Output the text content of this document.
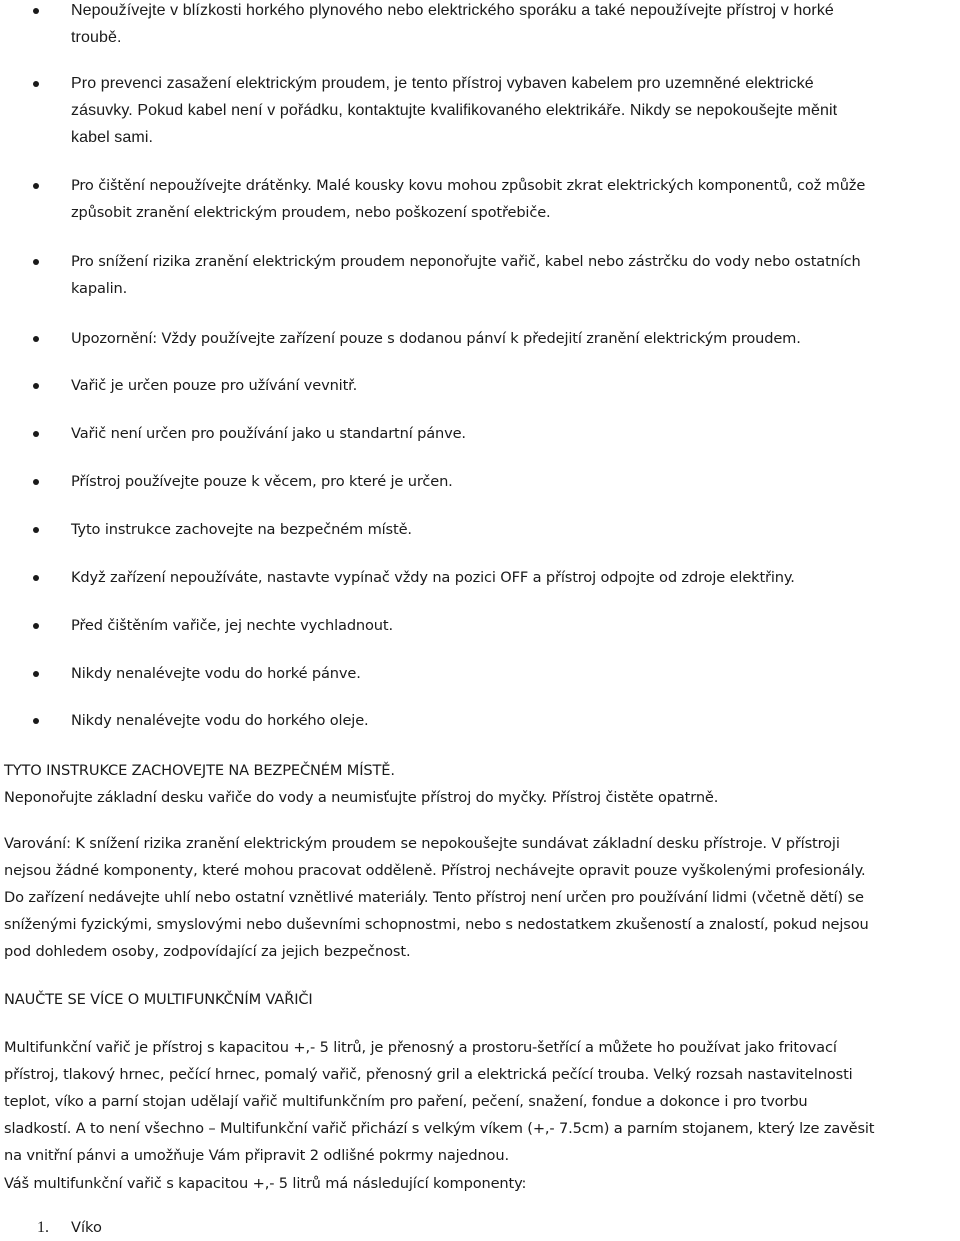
Nepoužívejte v blízkosti horkého plynového nebo elektrického sporáku a také nepoužívejte přístroj v horké
troubě.
Pro prevenci zasažení elektrickým proudem, je tento přístroj vybaven kabelem pro uzemněné elektrické
zásuvky. Pokud kabel není v pořádku, kontaktujte kvalifikovaného elektrikáře. Nikdy se nepokoušejte měnit
kabel sami.
Pro čištění nepoužívejte drátěnky. Malé kousky kovu mohou způsobit zkrat elektrických komponentů, což může
způsobit zranění elektrickým proudem, nebo poškození spotřebiče.
Pro snížení rizika zranění elektrickým proudem neponořujte vařič, kabel nebo zástrčku do vody nebo ostatních
kapalin.
Upozornění: Vždy používejte zařízení pouze s dodanou pánví k předejití zranění elektrickým proudem.
Vařič je určen pouze pro užívání vevnitř.
Vařič není určen pro používání jako u standartní pánve.
Přístroj používejte pouze k věcem, pro které je určen.
Tyto instrukce zachovejte na bezpečném místě.
Když zařízení nepoužíváte, nastavte vypínač vždy na pozici OFF a přístroj odpojte od zdroje elektřiny.
Před čištěním vařiče, jej nechte vychladnout.
Nikdy nenalévejte vodu do horké pánve.
Nikdy nenalévejte vodu do horkého oleje.

TYTO INSTRUKCE ZACHOVEJTE NA BEZPEČNÉM MÍSTĚ.

Neponořujte základní desku vařiče do vody a neumisťujte přístroj do myčky. Přístroj čistěte opatrně.

Varování: K snížení rizika zranění elektrickým proudem se nepokoušejte sundávat základní desku přístroje. V přístroji
nejsou žádné komponenty, které mohou pracovat odděleně. Přístroj nechávejte opravit pouze vyškolenými profesionály.
Do zařízení nedávejte uhlí nebo ostatní vznětlivé materiály. Tento přístroj není určen pro používání lidmi (včetně dětí) se
sníženými fyzickými, smyslovými nebo duševními schopnostmi, nebo s nedostatkem zkušeností a znalostí, pokud nejsou
pod dohledem osoby, zodpovídající za jejich bezpečnost.

NAUČTE SE VÍCE O MULTIFUNKČNÍM VAŘIČI

Multifunkční vařič je přístroj s kapacitou +,- 5 litrů, je přenosný a prostoru-šetřící a můžete ho používat jako fritovací
přístroj, tlakový hrnec, pečící hrnec, pomalý vařič, přenosný gril a elektrická pečící trouba. Velký rozsah nastavitelnosti
teplot, víko a parní stojan udělají vařič multifunkčním pro paření, pečení, snažení, fondue a dokonce i pro tvorbu
sladkostí. A to není všechno – Multifunkční vařič přichází s velkým víkem (+,- 7.5cm) a parním stojanem, který lze zavěsit
na vnitřní pánvi a umožňuje Vám připravit 2 odlišné pokrmy najednou.

Váš multifunkční vařič s kapacitou +,- 5 litrů má následující komponenty:

1. Víko
